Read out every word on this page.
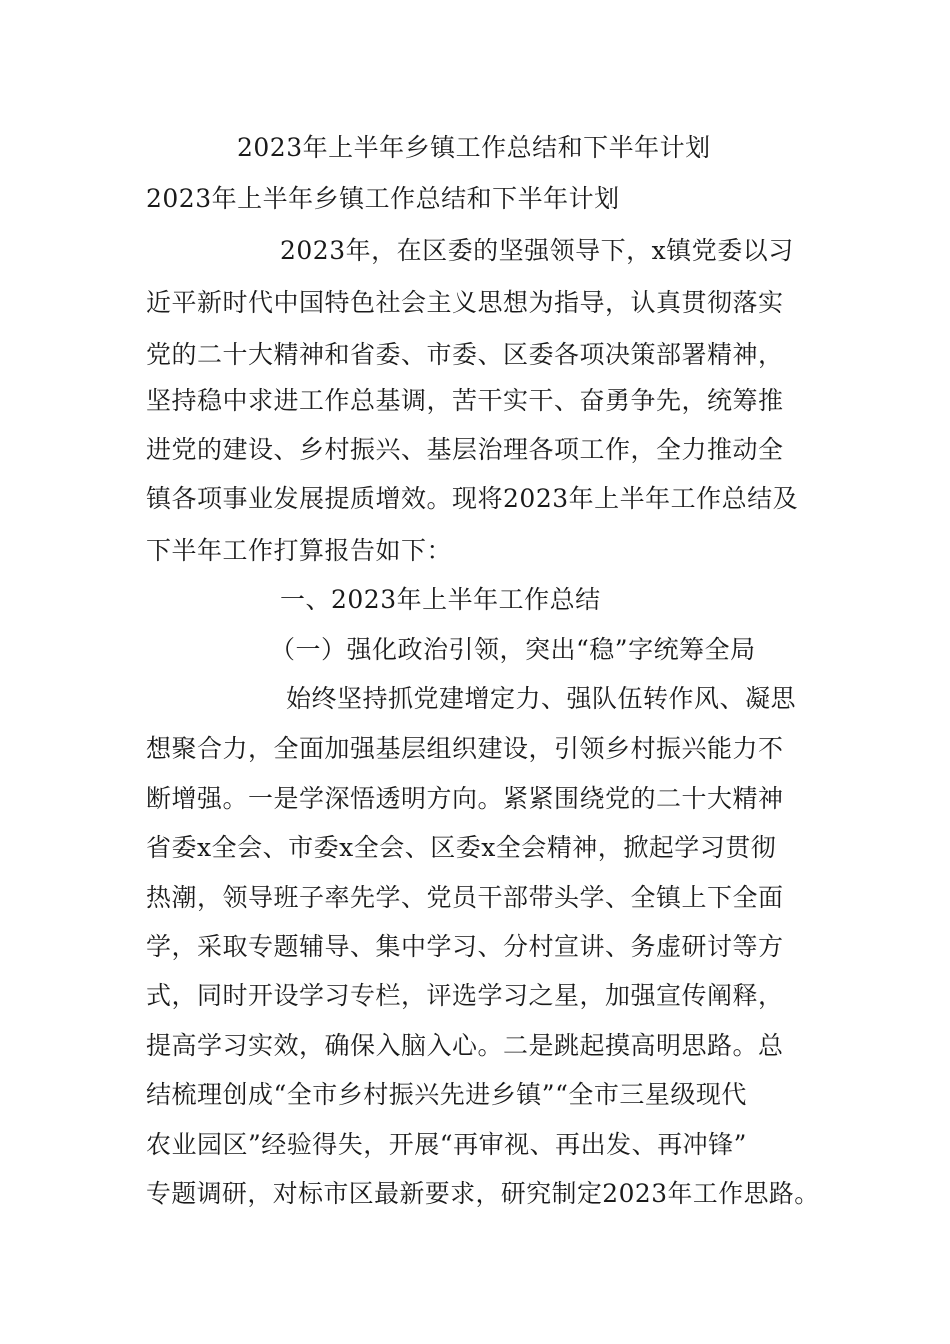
2023年上半年乡镇工作总结和下半年计划
2023年上半年乡镇工作总结和下半年计划
2023年，在区委的坚强领导下，x镇党委以习
近平新时代中国特色社会主义思想为指导，认真贯彻落实
党的二十大精神和省委、市委、区委各项决策部署精神，
坚持稳中求进工作总基调，苦干实干、奋勇争先，统筹推
进党的建设、乡村振兴、基层治理各项工作，全力推动全
镇各项事业发展提质增效。现将2023年上半年工作总结及
下半年工作打算报告如下：
一、2023年上半年工作总结
（一）强化政治引领，突出“稳”字统筹全局
始终坚持抓党建增定力、强队伍转作风、凝思
想聚合力，全面加强基层组织建设，引领乡村振兴能力不
断增强。一是学深悟透明方向。紧紧围绕党的二十大精神
省委x全会、市委x全会、区委x全会精神，掀起学习贯彻
热潮，领导班子率先学、党员干部带头学、全镇上下全面
学，采取专题辅导、集中学习、分村宣讲、务虚研讨等方
式，同时开设学习专栏，评选学习之星，加强宣传阐释，
提高学习实效，确保入脑入心。二是跳起摸高明思路。总
结梳理创成“全市乡村振兴先进乡镇”“全市三星级现代
农业园区”经验得失，开展“再审视、再出发、再冲锋”
专题调研，对标市区最新要求，研究制定2023年工作思路。
